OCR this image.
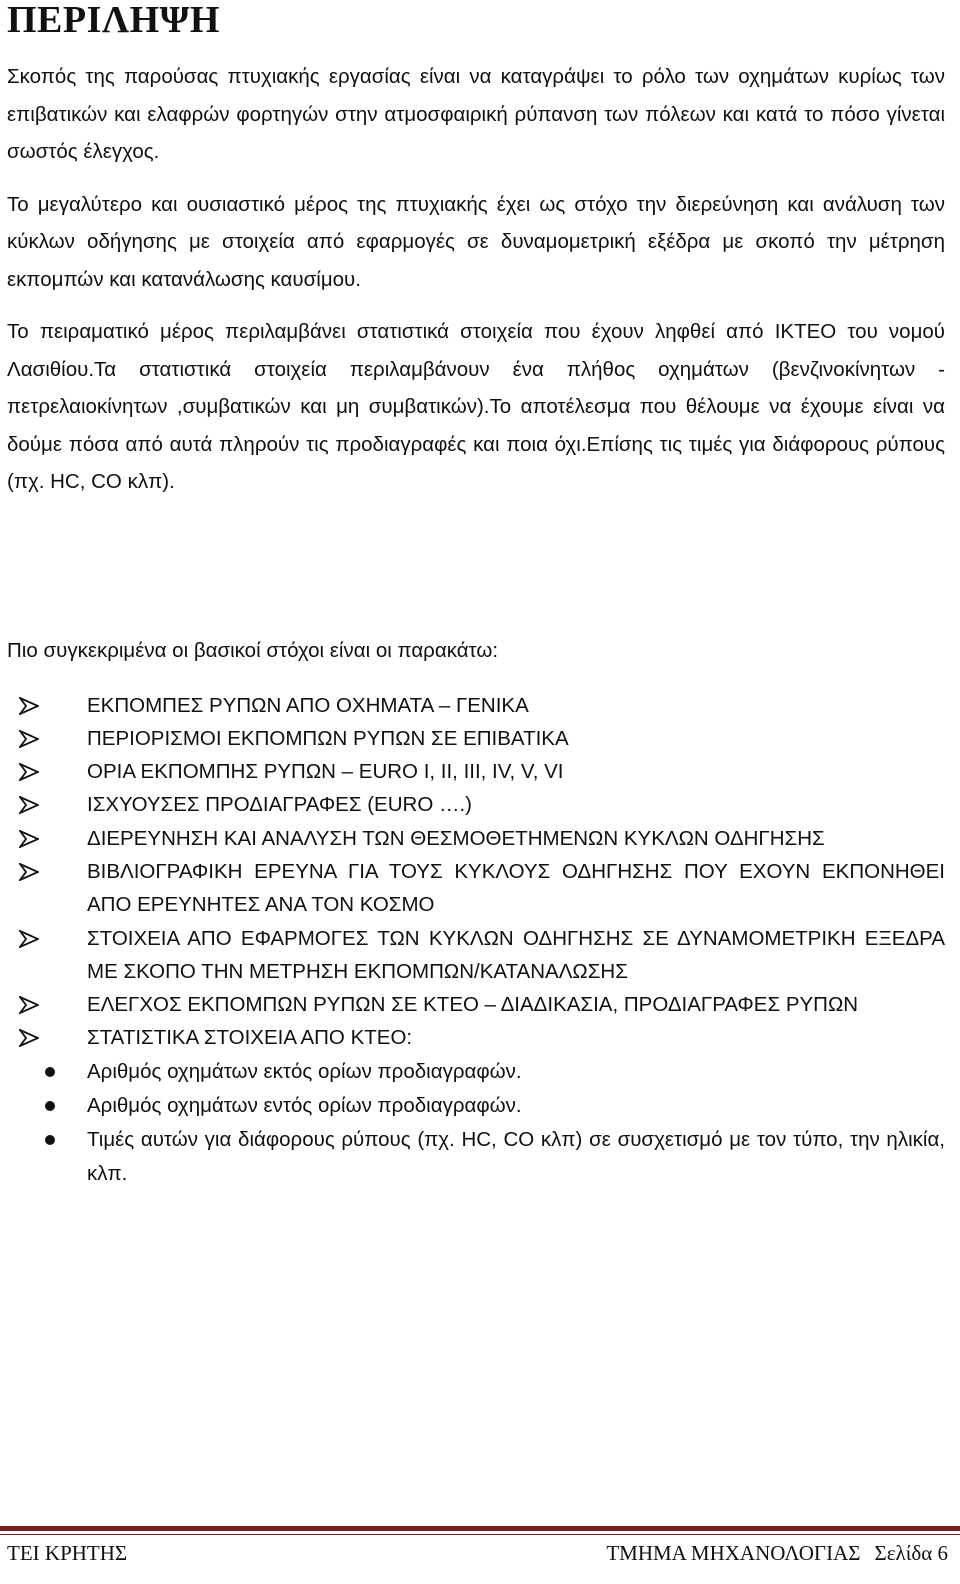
ΠΕΡΙΛΗΨΗ

Σκοπός της παρούσας πτυχιακής εργασίας είναι να καταγράψει το ρόλο των οχημάτων κυρίως των επιβατικών και ελαφρών φορτηγών στην ατμοσφαιρική ρύπανση των πόλεων και κατά το πόσο γίνεται σωστός έλεγχος.

Το μεγαλύτερο και ουσιαστικό μέρος της πτυχιακής έχει ως στόχο την διερεύνηση και ανάλυση των κύκλων οδήγησης με στοιχεία από εφαρμογές σε δυναμομετρική εξέδρα με σκοπό την μέτρηση εκπομπών και κατανάλωσης καυσίμου.

Το πειραματικό μέρος περιλαμβάνει στατιστικά στοιχεία που έχουν ληφθεί από ΙΚΤΕΟ του νομού Λασιθίου.Τα στατιστικά στοιχεία περιλαμβάνουν ένα πλήθος οχημάτων (βενζινοκίνητων - πετρελαιοκίνητων ,συμβατικών και μη συμβατικών).Το αποτέλεσμα που θέλουμε να έχουμε είναι να δούμε πόσα από αυτά πληρούν τις προδιαγραφές και ποια όχι.Επίσης τις τιμές για διάφορους ρύπους (πχ. HC, CO κλπ).

Πιο συγκεκριμένα οι βασικοί στόχοι είναι οι παρακάτω:

ΕΚΠΟΜΠΕΣ ΡΥΠΩΝ ΑΠΟ ΟΧΗΜΑΤΑ – ΓΕΝΙΚΑ
ΠΕΡΙΟΡΙΣΜΟΙ ΕΚΠΟΜΠΩΝ ΡΥΠΩΝ ΣΕ ΕΠΙΒΑΤΙΚΑ
ΟΡΙΑ ΕΚΠΟΜΠΗΣ ΡΥΠΩΝ – EURO I, II, III, IV, V, VI
ΙΣΧΥΟΥΣΕΣ ΠΡΟΔΙΑΓΡΑΦΕΣ (EURO ….)
ΔΙΕΡΕΥΝΗΣΗ ΚΑΙ ΑΝΑΛΥΣΗ ΤΩΝ ΘΕΣΜΟΘΕΤΗΜΕΝΩΝ ΚΥΚΛΩΝ ΟΔΗΓΗΣΗΣ
ΒΙΒΛΙΟΓΡΑΦΙΚΗ ΕΡΕΥΝΑ ΓΙΑ ΤΟΥΣ ΚΥΚΛΟΥΣ ΟΔΗΓΗΣΗΣ ΠΟΥ ΕΧΟΥΝ ΕΚΠΟΝΗΘΕΙ ΑΠΟ ΕΡΕΥΝΗΤΕΣ ΑΝΑ ΤΟΝ ΚΟΣΜΟ
ΣΤΟΙΧΕΙΑ ΑΠΟ ΕΦΑΡΜΟΓΕΣ ΤΩΝ ΚΥΚΛΩΝ ΟΔΗΓΗΣΗΣ ΣΕ ΔΥΝΑΜΟΜΕΤΡΙΚΗ ΕΞΕΔΡΑ ΜΕ ΣΚΟΠΟ ΤΗΝ ΜΕΤΡΗΣΗ ΕΚΠΟΜΠΩΝ/ΚΑΤΑΝΑΛΩΣΗΣ
ΕΛΕΓΧΟΣ ΕΚΠΟΜΠΩΝ ΡΥΠΩΝ ΣΕ ΚΤΕΟ – ΔΙΑΔΙΚΑΣΙΑ, ΠΡΟΔΙΑΓΡΑΦΕΣ ΡΥΠΩΝ
ΣΤΑΤΙΣΤΙΚΑ ΣΤΟΙΧΕΙΑ ΑΠΟ ΚΤΕΟ:
Αριθμός οχημάτων εκτός ορίων προδιαγραφών.
Αριθμός οχημάτων εντός ορίων προδιαγραφών.
Τιμές αυτών για διάφορους ρύπους (πχ. HC, CO κλπ) σε συσχετισμό με τον τύπο, την ηλικία, κλπ.
ΤΕΙ ΚΡΗΤΗΣ	ΤΜΗΜΑ ΜΗΧΑΝΟΛΟΓΙΑΣ Σελίδα 6
